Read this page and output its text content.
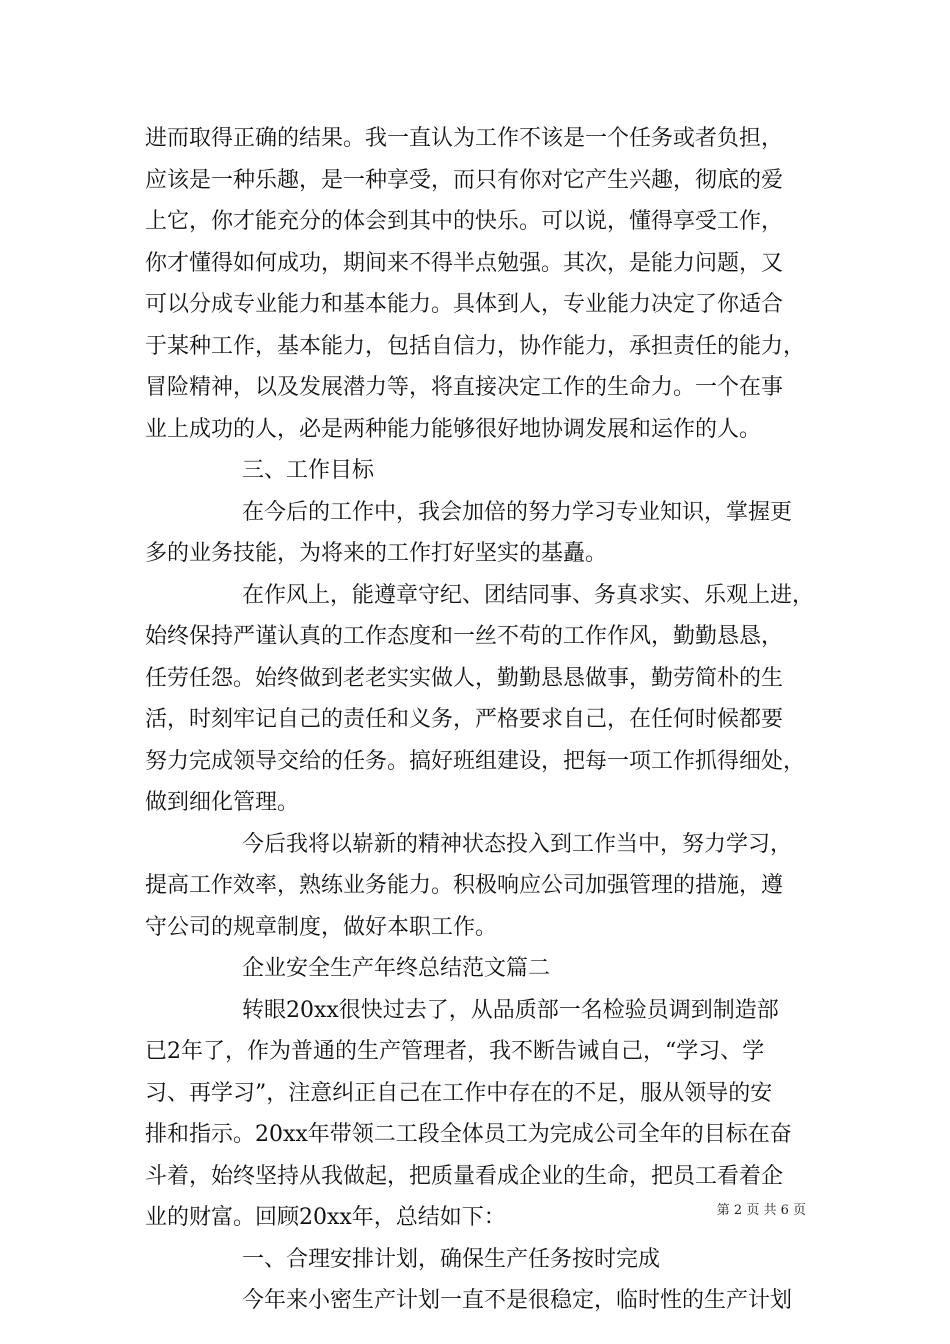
进而取得正确的结果。我一直认为工作不该是一个任务或者负担，
应该是一种乐趣，是一种享受，而只有你对它产生兴趣，彻底的爱
上它，你才能充分的体会到其中的快乐。可以说，懂得享受工作，
你才懂得如何成功，期间来不得半点勉强。其次，是能力问题，又
可以分成专业能力和基本能力。具体到人，专业能力决定了你适合
于某种工作，基本能力，包括自信力，协作能力，承担责任的能力，
冒险精神，以及发展潜力等，将直接决定工作的生命力。一个在事
业上成功的人，必是两种能力能够很好地协调发展和运作的人。
三、工作目标
在今后的工作中，我会加倍的努力学习专业知识，掌握更
多的业务技能，为将来的工作打好坚实的基矗。
在作风上，能遵章守纪、团结同事、务真求实、乐观上进，
始终保持严谨认真的工作态度和一丝不苟的工作作风，勤勤恳恳，
任劳任怨。始终做到老老实实做人，勤勤恳恳做事，勤劳简朴的生
活，时刻牢记自己的责任和义务，严格要求自己，在任何时候都要
努力完成领导交给的任务。搞好班组建设，把每一项工作抓得细处，
做到细化管理。
今后我将以崭新的精神状态投入到工作当中，努力学习，
提高工作效率，熟练业务能力。积极响应公司加强管理的措施，遵
守公司的规章制度，做好本职工作。
企业安全生产年终总结范文篇二
转眼20xx很快过去了，从品质部一名检验员调到制造部
已2年了，作为普通的生产管理者，我不断告诫自己，“学习、学
习、再学习”，注意纠正自己在工作中存在的不足，服从领导的安
排和指示。20xx年带领二工段全体员工为完成公司全年的目标在奋
斗着，始终坚持从我做起，把质量看成企业的生命，把员工看着企
业的财富。回顾20xx年，总结如下：
一、合理安排计划，确保生产任务按时完成
今年来小密生产计划一直不是很稳定，临时性的生产计划
第 2 页 共 6 页
